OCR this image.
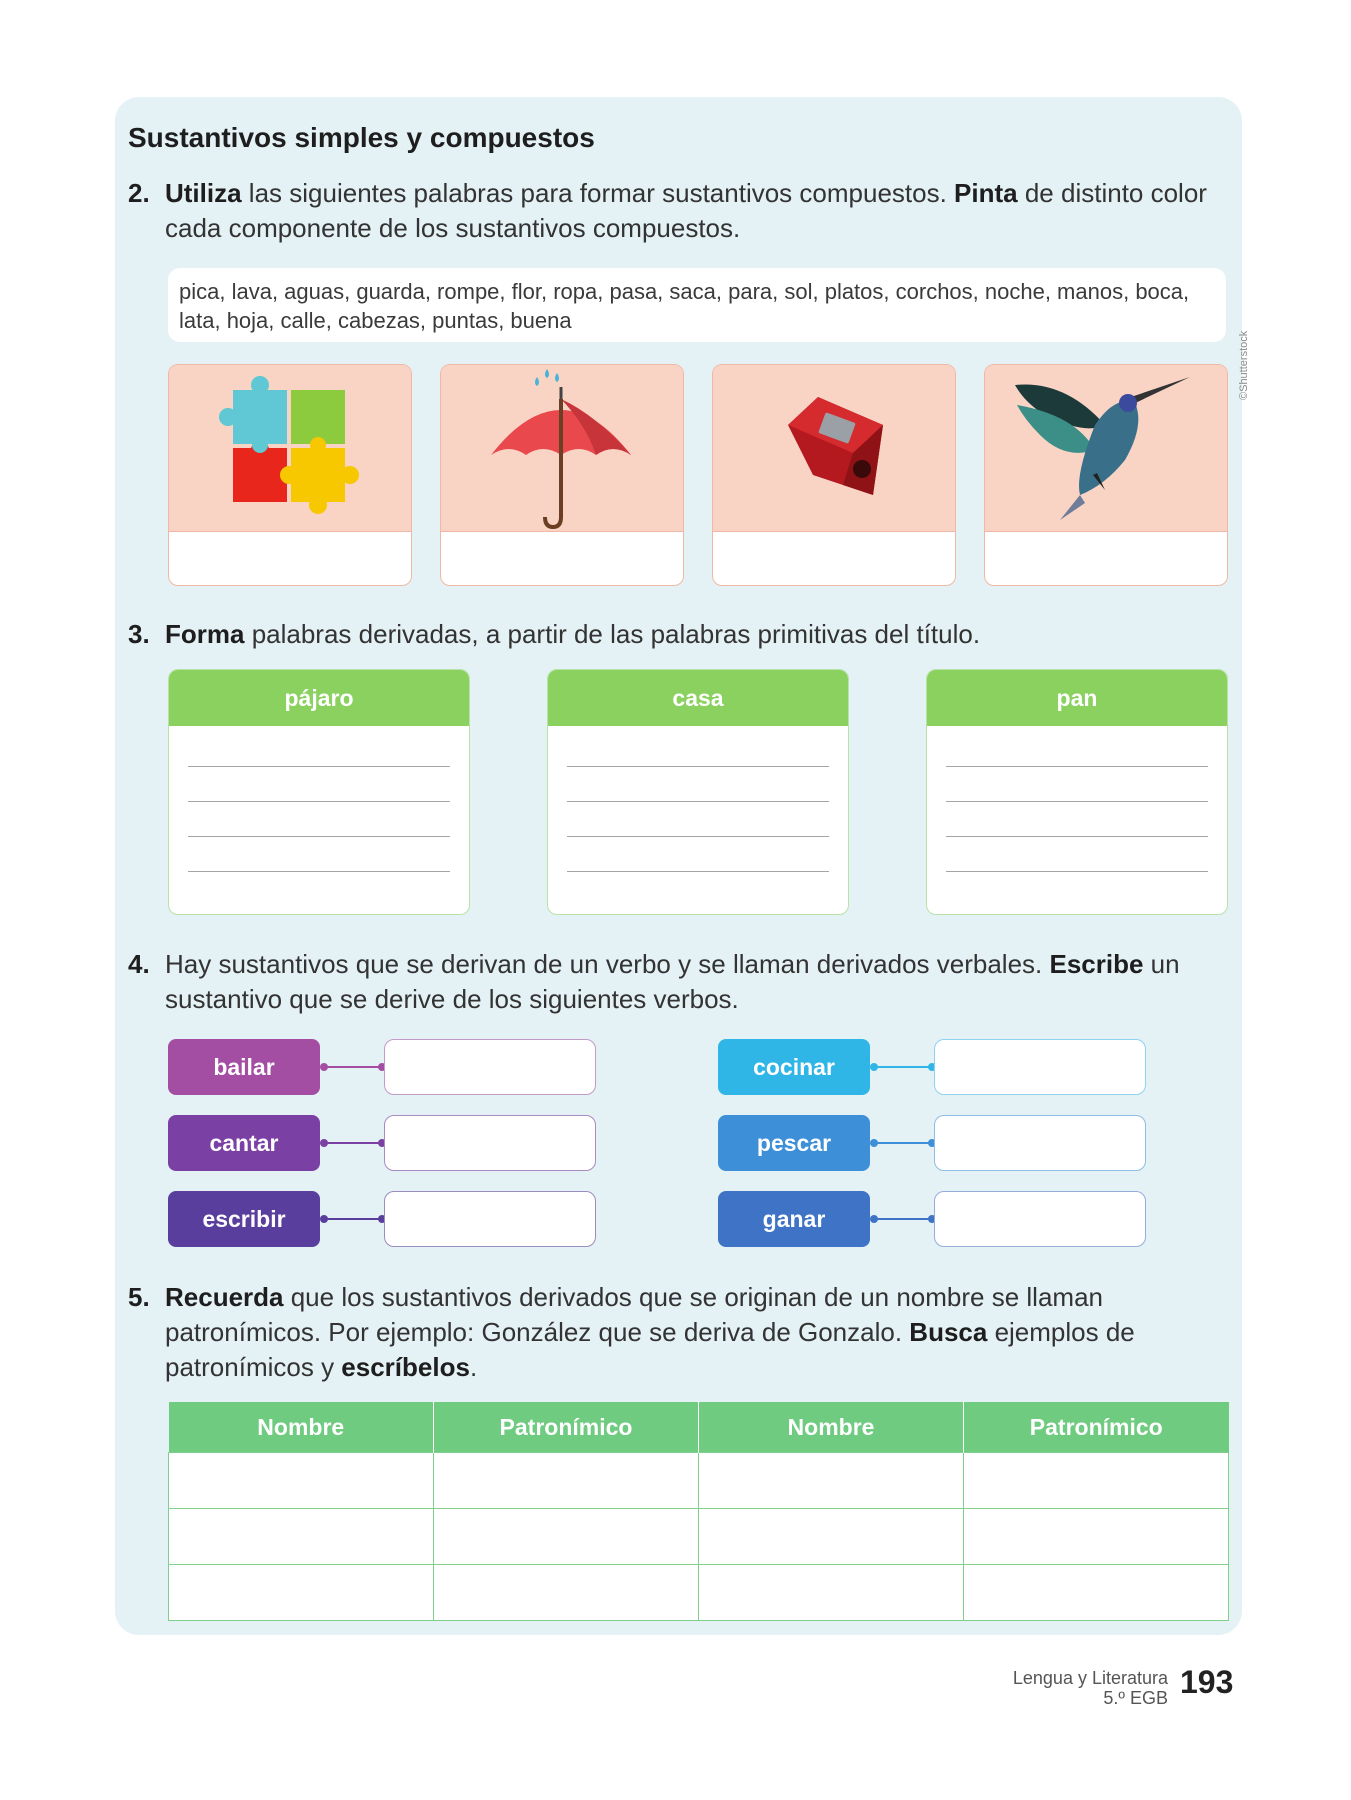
Sustantivos simples y compuestos
2. Utiliza las siguientes palabras para formar sustantivos compuestos. Pinta de distinto color cada componente de los sustantivos compuestos.
pica, lava, aguas, guarda, rompe, flor, ropa, pasa, saca, para, sol, platos, corchos, noche, manos, boca, lata, hoja, calle, cabezas, puntas, buena
©Shutterstock
3. Forma palabras derivadas, a partir de las palabras primitivas del título.
pájaro	casa	pan
4. Hay sustantivos que se derivan de un verbo y se llaman derivados verbales. Escribe un sustantivo que se derive de los siguientes verbos.
bailar
cantar
escribir
cocinar
pescar
ganar
5. Recuerda que los sustantivos derivados que se originan de un nombre se llaman patronímicos. Por ejemplo: González que se deriva de Gonzalo. Busca ejemplos de patronímicos y escríbelos.
Nombre	Patronímico	Nombre	Patronímico

Lengua y Literatura
5.º EGB 193
